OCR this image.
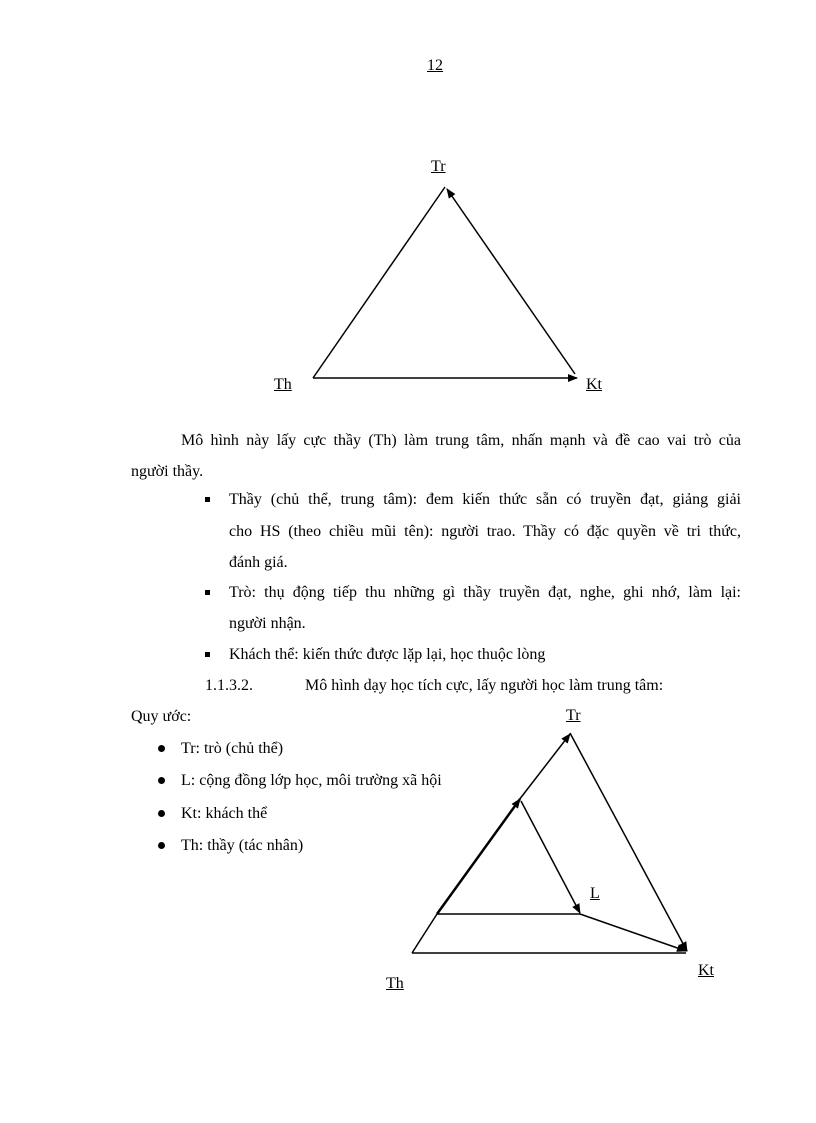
12
Tr
Th	Kt
Mô hình này lấy cực thầy (Th) làm trung tâm, nhấn mạnh và đề cao vai trò của
người thầy.
Thầy (chủ thể, trung tâm): đem kiến thức sẵn có truyền đạt, giảng giải
cho HS (theo chiều mũi tên): người trao. Thầy có đặc quyền về tri thức,
đánh giá.
Trò: thụ động tiếp thu những gì thầy truyền đạt, nghe, ghi nhớ, làm lại:
người nhận.
Khách thể: kiến thức được lặp lại, học thuộc lòng
1.1.3.2.	Mô hình dạy học tích cực, lấy người học làm trung tâm:
Quy ước:
Tr: trò (chủ thể)
L: cộng đồng lớp học, môi trường xã hội
Kt: khách thể
Th: thầy (tác nhân)
Tr
L
Th
Kt
